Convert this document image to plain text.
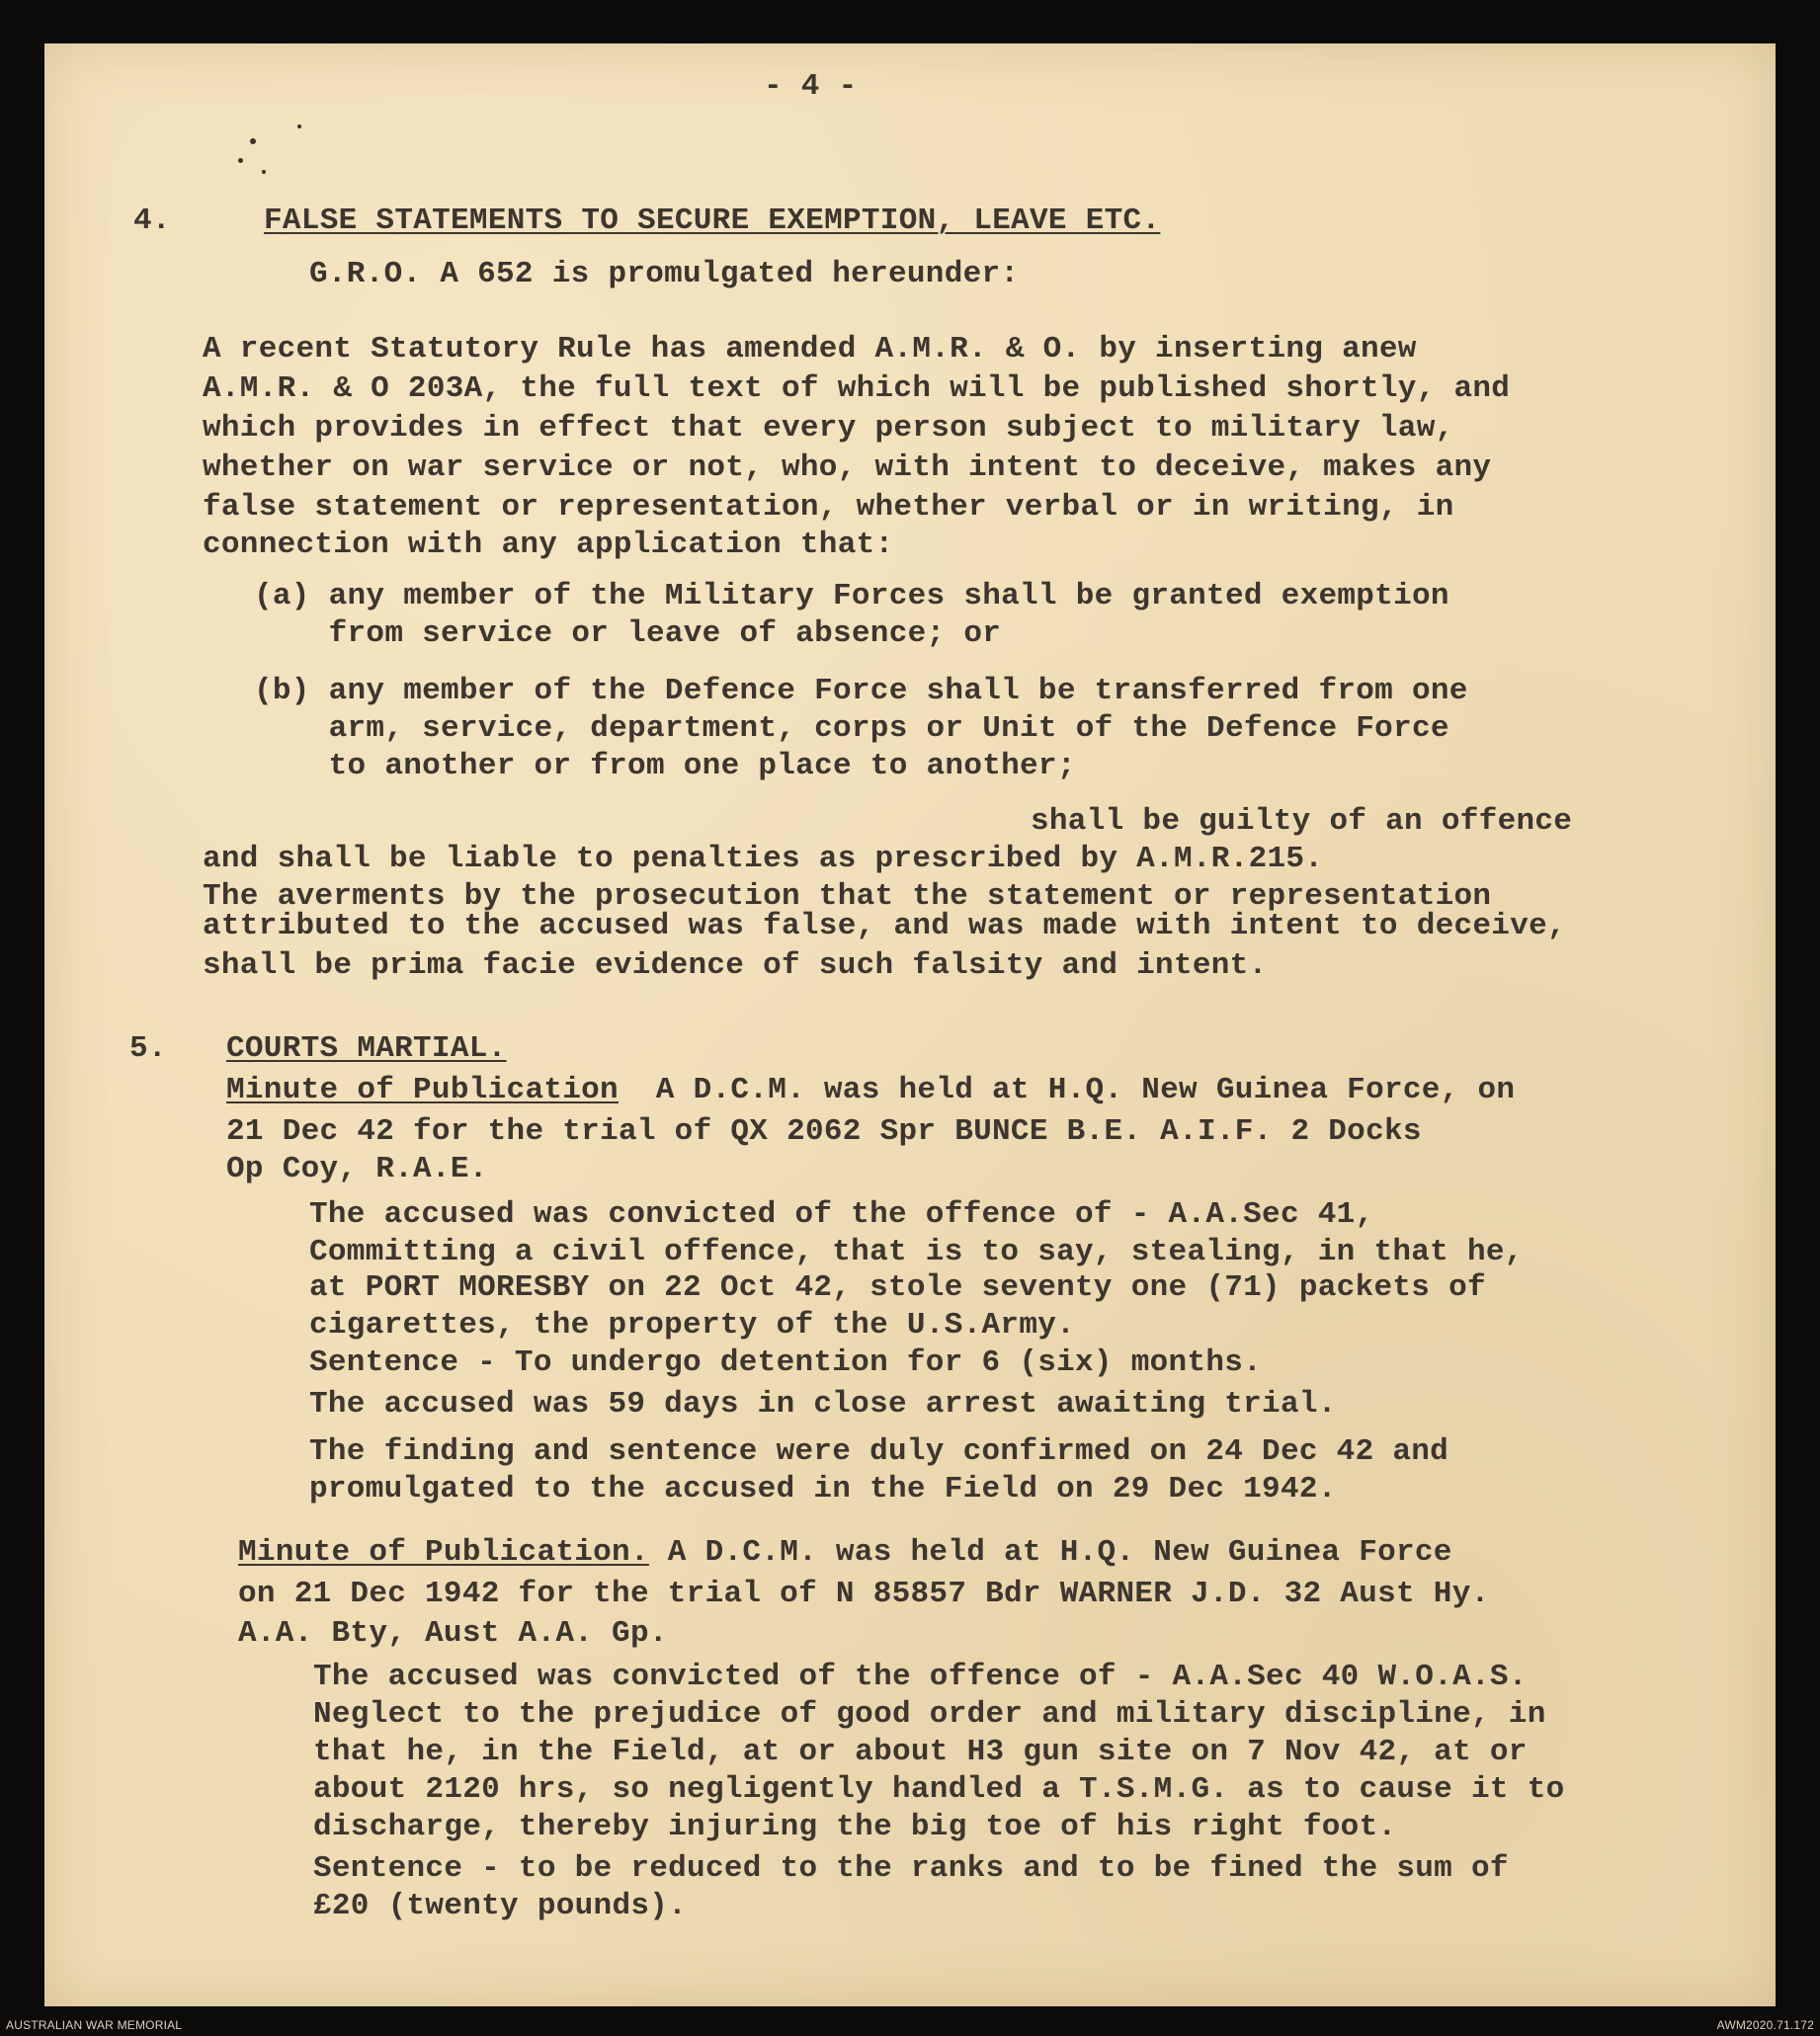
- 4 -
4.	FALSE STATEMENTS TO SECURE EXEMPTION, LEAVE ETC.
G.R.O. A 652 is promulgated hereunder:
A recent Statutory Rule has amended A.M.R. & O. by inserting anew
A.M.R. & O 203A, the full text of which will be published shortly, and
which provides in effect that every person subject to military law,
whether on war service or not, who, with intent to deceive, makes any
false statement or representation, whether verbal or in writing, in
connection with any application that:
(a) any member of the Military Forces shall be granted exemption
from service or leave of absence; or
(b) any member of the Defence Force shall be transferred from one
arm, service, department, corps or Unit of the Defence Force
to another or from one place to another;
shall be guilty of an offence
and shall be liable to penalties as prescribed by A.M.R.215.
The averments by the prosecution that the statement or representation
attributed to the accused was false, and was made with intent to deceive,
shall be prima facie evidence of such falsity and intent.
5. COURTS MARTIAL.
Minute of Publication  A D.C.M. was held at H.Q. New Guinea Force, on
21 Dec 42 for the trial of QX 2062 Spr BUNCE B.E. A.I.F. 2 Docks
Op Coy, R.A.E.
The accused was convicted of the offence of - A.A.Sec 41,
Committing a civil offence, that is to say, stealing, in that he,
at PORT MORESBY on 22 Oct 42, stole seventy one (71) packets of
cigarettes, the property of the U.S.Army.
Sentence - To undergo detention for 6 (six) months.
The accused was 59 days in close arrest awaiting trial.
The finding and sentence were duly confirmed on 24 Dec 42 and
promulgated to the accused in the Field on 29 Dec 1942.
Minute of Publication. A D.C.M. was held at H.Q. New Guinea Force
on 21 Dec 1942 for the trial of N 85857 Bdr WARNER J.D. 32 Aust Hy.
A.A. Bty, Aust A.A. Gp.
The accused was convicted of the offence of - A.A.Sec 40 W.O.A.S.
Neglect to the prejudice of good order and military discipline, in
that he, in the Field, at or about H3 gun site on 7 Nov 42, at or
about 2120 hrs, so negligently handled a T.S.M.G. as to cause it to
discharge, thereby injuring the big toe of his right foot.
Sentence - to be reduced to the ranks and to be fined the sum of
£20 (twenty pounds).
AUSTRALIAN WAR MEMORIAL	AWM2020.71.172
